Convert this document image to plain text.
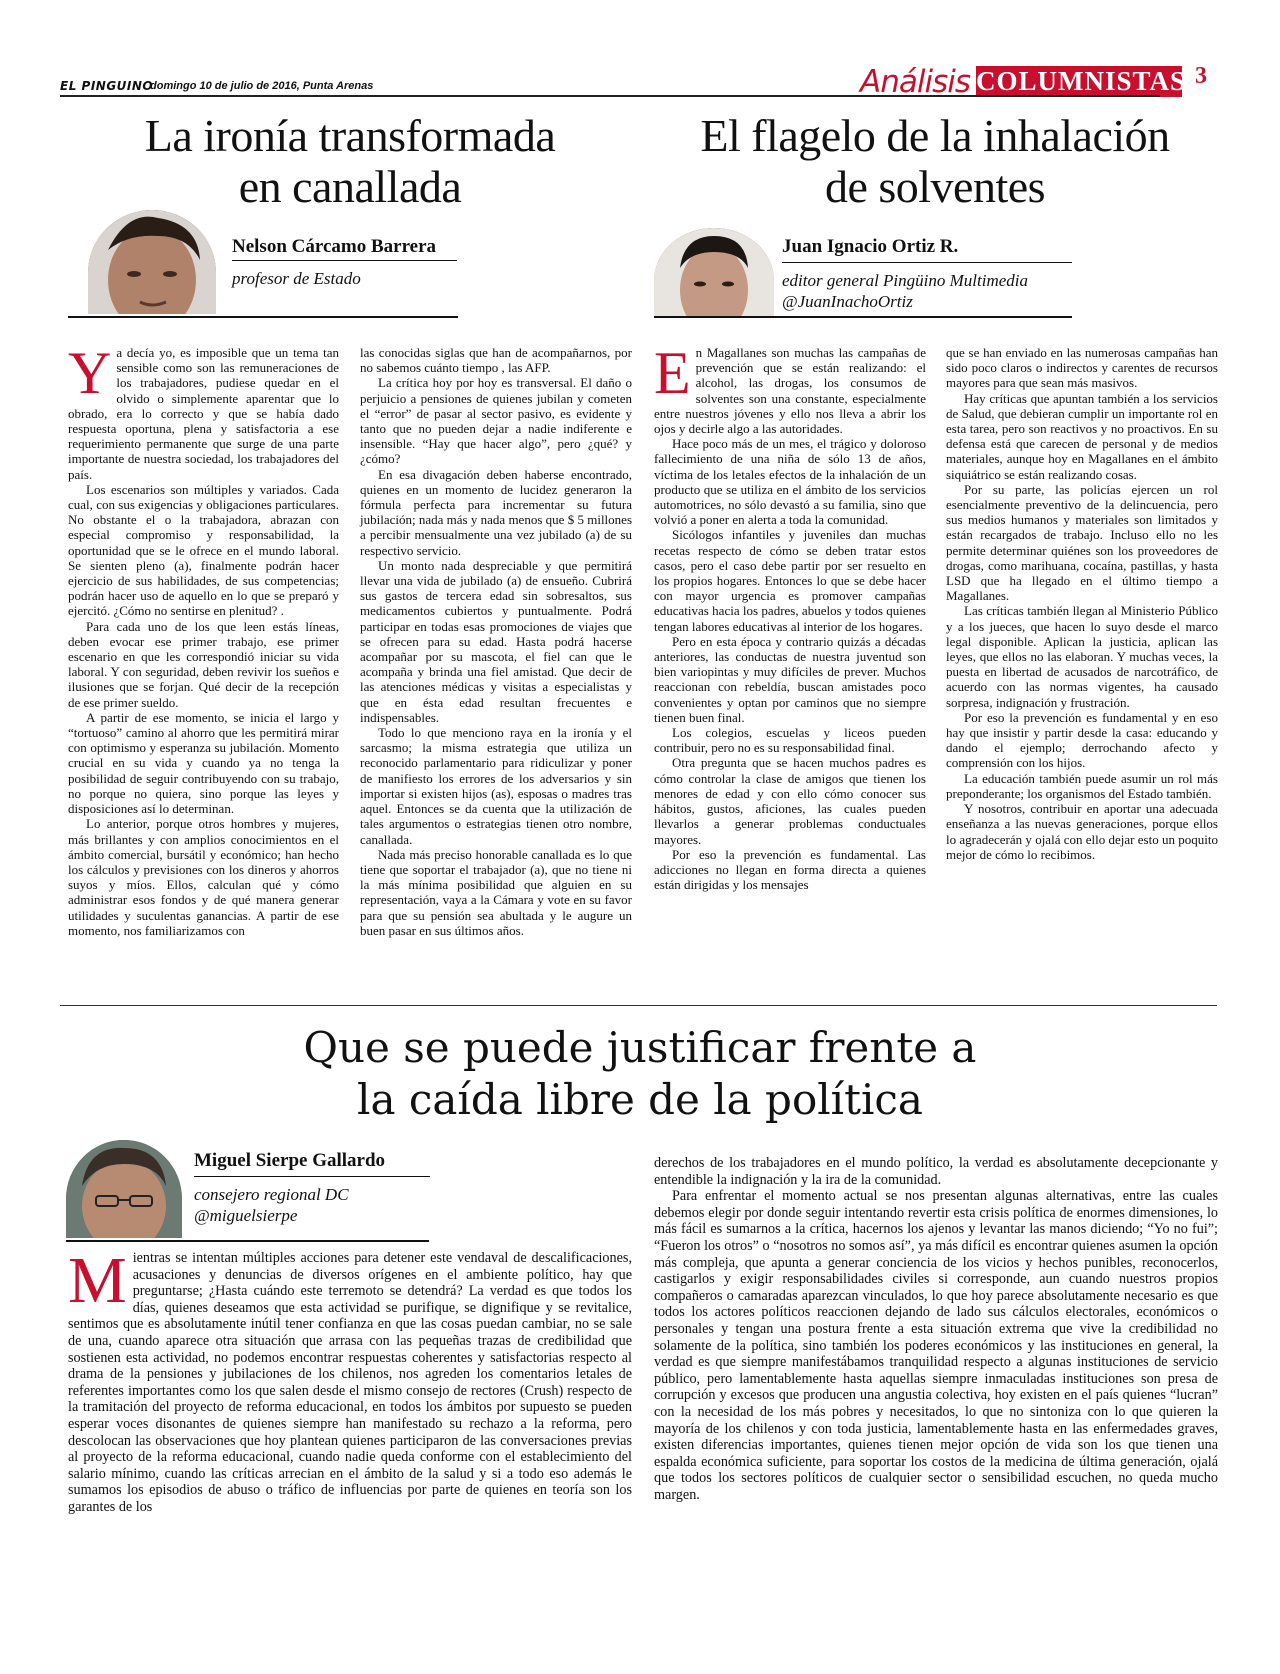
EL PINGUINO
domingo 10 de julio de 2016, Punta Arenas	Análisis COLUMNISTAS 3
La ironía transformada
en canallada
Nelson Cárcamo Barrera
profesor de Estado
Y a decía yo, es imposible que un tema tan sensible como son las remuneraciones de los trabajadores, pudiese quedar en el olvido o simplemente aparentar que lo obrado, era lo correcto y que se había dado respuesta oportuna, plena y satisfactoria a ese requerimiento permanente que surge de una parte importante de nuestra sociedad, los trabajadores del país.

Los escenarios son múltiples y variados. Cada cual, con sus exigencias y obligaciones particulares. No obstante el o la trabajadora, abrazan con especial compromiso y responsabilidad, la oportunidad que se le ofrece en el mundo laboral. Se sienten pleno (a), finalmente podrán hacer ejercicio de sus habilidades, de sus competencias; podrán hacer uso de aquello en lo que se preparó y ejercitó. ¿Cómo no sentirse en plenitud? .

Para cada uno de los que leen estás líneas, deben evocar ese primer trabajo, ese primer escenario en que les correspondió iniciar su vida laboral. Y con seguridad, deben revivir los sueños e ilusiones que se forjan. Qué decir de la recepción de ese primer sueldo.

A partir de ese momento, se inicia el largo y “tortuoso” camino al ahorro que les permitirá mirar con optimismo y esperanza su jubilación. Momento crucial en su vida y cuando ya no tenga la posibilidad de seguir contribuyendo con su trabajo, no porque no quiera, sino porque las leyes y disposiciones así lo determinan.

Lo anterior, porque otros hombres y mujeres, más brillantes y con amplios conocimientos en el ámbito comercial, bursátil y económico; han hecho los cálculos y previsiones con los dineros y ahorros suyos y míos. Ellos, calculan qué y cómo administrar esos fondos y de qué manera generar utilidades y suculentas ganancias. A partir de ese momento, nos familiarizamos con

las conocidas siglas que han de acompañarnos, por no sabemos cuánto tiempo , las AFP.

La crítica hoy por hoy es transversal. El daño o perjuicio a pensiones de quienes jubilan y cometen el “error” de pasar al sector pasivo, es evidente y tanto que no pueden dejar a nadie indiferente e insensible. “Hay que hacer algo”, pero ¿qué? y ¿cómo?

En esa divagación deben haberse encontrado, quienes en un momento de lucidez generaron la fórmula perfecta para incrementar su futura jubilación; nada más y nada menos que $ 5 millones a percibir mensualmente una vez jubilado (a) de su respectivo servicio.

Un monto nada despreciable y que permitirá llevar una vida de jubilado (a) de ensueño. Cubrirá sus gastos de tercera edad sin sobresaltos, sus medicamentos cubiertos y puntualmente. Podrá participar en todas esas promociones de viajes que se ofrecen para su edad. Hasta podrá hacerse acompañar por su mascota, el fiel can que le acompaña y brinda una fiel amistad. Que decir de las atenciones médicas y visitas a especialistas y que en ésta edad resultan frecuentes e indispensables.

Todo lo que menciono raya en la ironía y el sarcasmo; la misma estrategia que utiliza un reconocido parlamentario para ridiculizar y poner de manifiesto los errores de los adversarios y sin importar si existen hijos (as), esposas o madres tras aquel. Entonces se da cuenta que la utilización de tales argumentos o estrategias tienen otro nombre, canallada.

Nada más preciso honorable canallada es lo que tiene que soportar el trabajador (a), que no tiene ni la más mínima posibilidad que alguien en su representación, vaya a la Cámara y vote en su favor para que su pensión sea abultada y le augure un buen pasar en sus últimos años.

El flagelo de la inhalación
de solventes
Juan Ignacio Ortiz R.
editor general Pingüino Multimedia
@JuanInachoOrtiz
E n Magallanes son muchas las campañas de prevención que se están realizando: el alcohol, las drogas, los consumos de solventes son una constante, especialmente entre nuestros jóvenes y ello nos lleva a abrir los ojos y decirle algo a las autoridades.

Hace poco más de un mes, el trágico y doloroso fallecimiento de una niña de sólo 13 de años, víctima de los letales efectos de la inhalación de un producto que se utiliza en el ámbito de los servicios automotrices, no sólo devastó a su familia, sino que volvió a poner en alerta a toda la comunidad.

Sicólogos infantiles y juveniles dan muchas recetas respecto de cómo se deben tratar estos casos, pero el caso debe partir por ser resuelto en los propios hogares. Entonces lo que se debe hacer con mayor urgencia es promover campañas educativas hacia los padres, abuelos y todos quienes tengan labores educativas al interior de los hogares.

Pero en esta época y contrario quizás a décadas anteriores, las conductas de nuestra juventud son bien variopintas y muy difíciles de prever. Muchos reaccionan con rebeldía, buscan amistades poco convenientes y optan por caminos que no siempre tienen buen final.

Los colegios, escuelas y liceos pueden contribuir, pero no es su responsabilidad final.

Otra pregunta que se hacen muchos padres es cómo controlar la clase de amigos que tienen los menores de edad y con ello cómo conocer sus hábitos, gustos, aficiones, las cuales pueden llevarlos a generar problemas conductuales mayores.

Por eso la prevención es fundamental. Las adicciones no llegan en forma directa a quienes están dirigidas y los mensajes

que se han enviado en las numerosas campañas han sido poco claros o indirectos y carentes de recursos mayores para que sean más masivos.

Hay críticas que apuntan también a los servicios de Salud, que debieran cumplir un importante rol en esta tarea, pero son reactivos y no proactivos. En su defensa está que carecen de personal y de medios materiales, aunque hoy en Magallanes en el ámbito siquiátrico se están realizando cosas.

Por su parte, las policías ejercen un rol esencialmente preventivo de la delincuencia, pero sus medios humanos y materiales son limitados y están recargados de trabajo. Incluso ello no les permite determinar quiénes son los proveedores de drogas, como marihuana, cocaína, pastillas, y hasta LSD que ha llegado en el último tiempo a Magallanes.

Las críticas también llegan al Ministerio Público y a los jueces, que hacen lo suyo desde el marco legal disponible. Aplican la justicia, aplican las leyes, que ellos no las elaboran. Y muchas veces, la puesta en libertad de acusados de narcotráfico, de acuerdo con las normas vigentes, ha causado sorpresa, indignación y frustración.

Por eso la prevención es fundamental y en eso hay que insistir y partir desde la casa: educando y dando el ejemplo; derrochando afecto y comprensión con los hijos.

La educación también puede asumir un rol más preponderante; los organismos del Estado también.

Y nosotros, contribuir en aportar una adecuada enseñanza a las nuevas generaciones, porque ellos lo agradecerán y ojalá con ello dejar esto un poquito mejor de cómo lo recibimos.

Que se puede justificar frente a
la caída libre de la política
Miguel Sierpe Gallardo
consejero regional DC
@miguelsierpe
M ientras se intentan múltiples acciones para detener este vendaval de descalificaciones, acusaciones y denuncias de diversos orígenes en el ambiente político, hay que preguntarse; ¿Hasta cuándo este terremoto se detendrá? La verdad es que todos los días, quienes deseamos que esta actividad se purifique, se dignifique y se revitalice, sentimos que es absolutamente inútil tener confianza en que las cosas puedan cambiar, no se sale de una, cuando aparece otra situación que arrasa con las pequeñas trazas de credibilidad que sostienen esta actividad, no podemos encontrar respuestas coherentes y satisfactorias respecto al drama de la pensiones y jubilaciones de los chilenos, nos agreden los comentarios letales de referentes importantes como los que salen desde el mismo consejo de rectores (Crush) respecto de la tramitación del proyecto de reforma educacional, en todos los ámbitos por supuesto se pueden esperar voces disonantes de quienes siempre han manifestado su rechazo a la reforma, pero descolocan las observaciones que hoy plantean quienes participaron de las conversaciones previas al proyecto de la reforma educacional, cuando nadie queda conforme con el establecimiento del salario mínimo, cuando las críticas arrecian en el ámbito de la salud y si a todo eso además le sumamos los episodios de abuso o tráfico de influencias por parte de quienes en teoría son los garantes de los

derechos de los trabajadores en el mundo político, la verdad es absolutamente decepcionante y entendible la indignación y la ira de la comunidad.

Para enfrentar el momento actual se nos presentan algunas alternativas, entre las cuales debemos elegir por donde seguir intentando revertir esta crisis política de enormes dimensiones, lo más fácil es sumarnos a la crítica, hacernos los ajenos y levantar las manos diciendo; “Yo no fui”; “Fueron los otros” o “nosotros no somos así”, ya más difícil es encontrar quienes asumen la opción más compleja, que apunta a generar conciencia de los vicios y hechos punibles, reconocerlos, castigarlos y exigir responsabilidades civiles si corresponde, aun cuando nuestros propios compañeros o camaradas aparezcan vinculados, lo que hoy parece absolutamente necesario es que todos los actores políticos reaccionen dejando de lado sus cálculos electorales, económicos o personales y tengan una postura frente a esta situación extrema que vive la credibilidad no solamente de la política, sino también los poderes económicos y las instituciones en general, la verdad es que siempre manifestábamos tranquilidad respecto a algunas instituciones de servicio público, pero lamentablemente hasta aquellas siempre inmaculadas instituciones son presa de corrupción y excesos que producen una angustia colectiva, hoy existen en el país quienes “lucran” con la necesidad de los más pobres y necesitados, lo que no sintoniza con lo que quieren la mayoría de los chilenos y con toda justicia, lamentablemente hasta en las enfermedades graves, existen diferencias importantes, quienes tienen mejor opción de vida son los que tienen una espalda económica suficiente, para soportar los costos de la medicina de última generación, ojalá que todos los sectores políticos de cualquier sector o sensibilidad escuchen, no queda mucho margen.
